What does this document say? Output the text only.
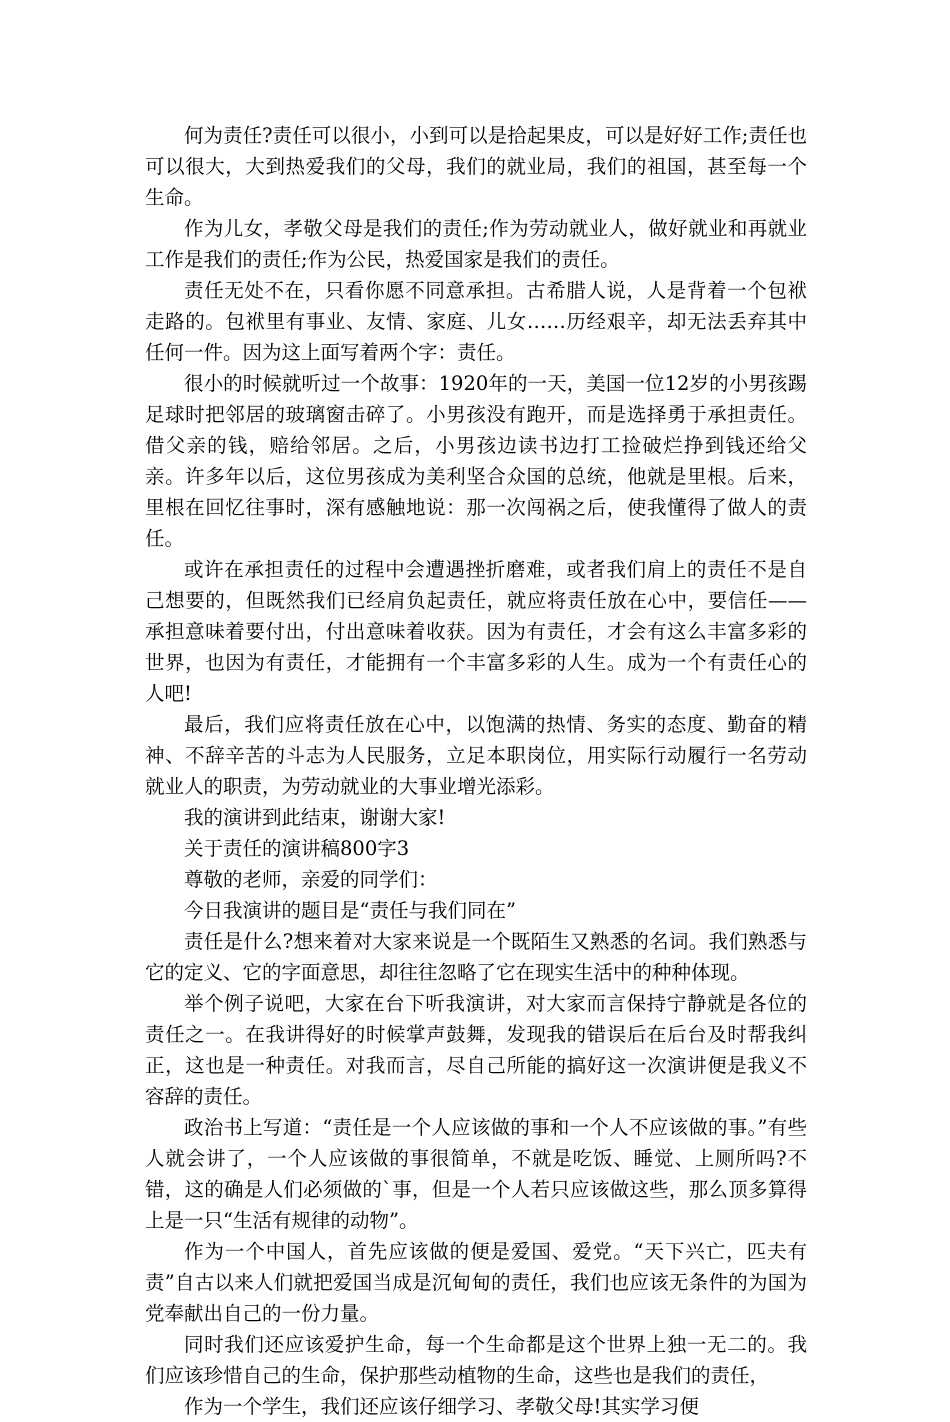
何为责任?责任可以很小，小到可以是拾起果皮，可以是好好工作;责任也可以很大，大到热爱我们的父母，我们的就业局，我们的祖国，甚至每一个生命。

作为儿女，孝敬父母是我们的责任;作为劳动就业人，做好就业和再就业工作是我们的责任;作为公民，热爱国家是我们的责任。

责任无处不在，只看你愿不同意承担。古希腊人说，人是背着一个包袱走路的。包袱里有事业、友情、家庭、儿女……历经艰辛，却无法丢弃其中任何一件。因为这上面写着两个字：责任。

很小的时候就听过一个故事：1920年的一天，美国一位12岁的小男孩踢足球时把邻居的玻璃窗击碎了。小男孩没有跑开，而是选择勇于承担责任。借父亲的钱，赔给邻居。之后，小男孩边读书边打工捡破烂挣到钱还给父亲。许多年以后，这位男孩成为美利坚合众国的总统，他就是里根。后来，里根在回忆往事时，深有感触地说：那一次闯祸之后，使我懂得了做人的责任。

或许在承担责任的过程中会遭遇挫折磨难，或者我们肩上的责任不是自己想要的，但既然我们已经肩负起责任，就应将责任放在心中，要信任——承担意味着要付出，付出意味着收获。因为有责任，才会有这么丰富多彩的世界，也因为有责任，才能拥有一个丰富多彩的人生。成为一个有责任心的人吧!

最后，我们应将责任放在心中，以饱满的热情、务实的态度、勤奋的精神、不辞辛苦的斗志为人民服务，立足本职岗位，用实际行动履行一名劳动就业人的职责，为劳动就业的大事业增光添彩。

我的演讲到此结束，谢谢大家!

关于责任的演讲稿800字3

尊敬的老师，亲爱的同学们：

今日我演讲的题目是“责任与我们同在”

责任是什么?想来着对大家来说是一个既陌生又熟悉的名词。我们熟悉与它的定义、它的字面意思，却往往忽略了它在现实生活中的种种体现。

举个例子说吧，大家在台下听我演讲，对大家而言保持宁静就是各位的责任之一。在我讲得好的时候掌声鼓舞，发现我的错误后在后台及时帮我纠正，这也是一种责任。对我而言，尽自己所能的搞好这一次演讲便是我义不容辞的责任。

政治书上写道：“责任是一个人应该做的事和一个人不应该做的事。”有些人就会讲了，一个人应该做的事很简单，不就是吃饭、睡觉、上厕所吗?不错，这的确是人们必须做的`事，但是一个人若只应该做这些，那么顶多算得上是一只“生活有规律的动物”。

作为一个中国人，首先应该做的便是爱国、爱党。“天下兴亡，匹夫有责”自古以来人们就把爱国当成是沉甸甸的责任，我们也应该无条件的为国为党奉献出自己的一份力量。

同时我们还应该爱护生命，每一个生命都是这个世界上独一无二的。我们应该珍惜自己的生命，保护那些动植物的生命，这些也是我们的责任，

作为一个学生，我们还应该仔细学习、孝敬父母!其实学习便
